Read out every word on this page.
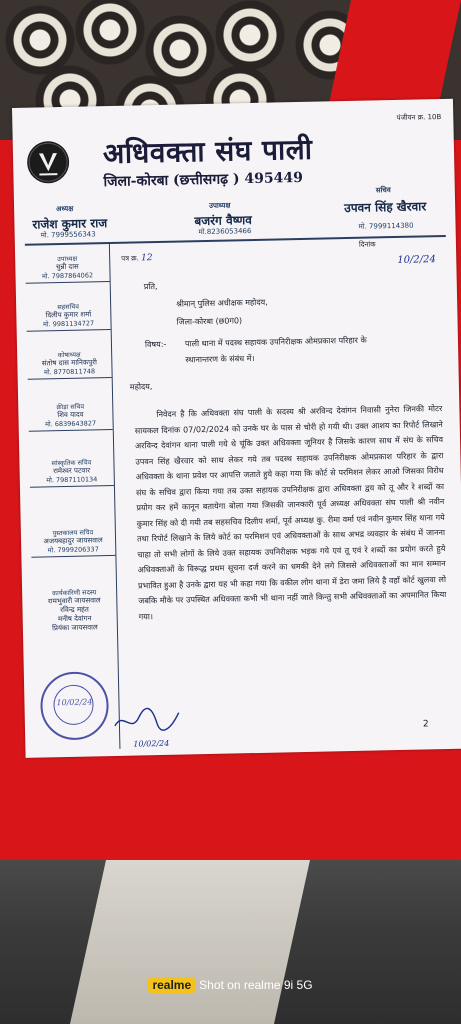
पंजीयन क्र. 10B
अधिवक्ता संघ पाली
जिला-कोरबा (छत्तीसगढ़ ) 495449
अध्यक्ष
राजेश कुमार राज
मो. 7999556343
उपाध्यक्ष
बजरंग वैष्णव
मो.8236053466
सचिव
उपवन सिंह खैरवार
मो. 7999114380
उपाध्यक्ष
चुन्नी दास
मो. 7987864062
सहसचिव
दिलीप कुमार शर्मा
मो. 9981134727
कोषाध्यक्ष
संतोष दास मानिकपुरी
मो. 8770811748
क्रीड़ा सचिव
शिव यादव
मो. 6839643827
सांस्कृतिक सचिव
रामेश्वर पटवार
मो. 7987110134
पुस्तकालय सचिव
अजयबहादुर जायसवाल
मो. 7999206337
कार्यकारिणी सदस्य
रामभुवारी जायसवाल
रविन्द्र महंत
मनीष देवांगन
प्रियंका जायसवाल
10/02/24
पत्र क्र. 12
दिनांक
10/2/24
प्रति,
श्रीमान् पुलिस अधीक्षक महोदय,
जिला-कोरबा (छ0ग0)
विषय:- पाली थाना में पदस्थ सहायक उपनिरीक्षक ओमप्रकाश परिहार के
स्थानान्तरण के संबंध में।
महोदय,
निवेदन है कि अधिवक्ता संघ पाली के सदस्य श्री अरविन्द देवांगन निवासी नुनेरा जिनकी मोटर सायकल दिनांक 07/02/2024 को उनके घर के पास से चोरी हो गयी थी। उक्त आशय का रिपोर्ट लिखाने अरविन्द देवांगन थाना पाली गये थे चूंकि उक्त अधिवक्ता जूनियर है जिसके कारण साथ में संघ के सचिव उपवन सिंह खैरवार को साथ लेकर गये तब पदस्थ सहायक उपनिरीक्षक ओमप्रकाश परिहार के द्वारा अधिवक्ता के थाना प्रवेश पर आपत्ति जताते हुये कहा गया कि कोर्ट से परमिशन लेकर आओ जिसका विरोध संघ के सचिव द्वारा किया गया तब उक्त सहायक उपनिरीक्षक द्वारा अधिवक्ता द्वय को तू और रे शब्दों का प्रयोग कर हमें कानून बतायेगा बोला गया जिसकी जानकारी पूर्व अध्यक्ष अधिवक्ता संघ पाली श्री नवीन कुमार सिंह को दी गयी तब सहसचिव दिलीप शर्मा, पूर्व अध्यक्ष कु. रीमा वर्मा एवं नवीन कुमार सिंह थाना गये तथा रिपोर्ट लिखाने के लिये कोर्ट का परमिशन एवं अधिवक्ताओं के साथ अभद्र व्यवहार के संबंध में जानना चाहा तो सभी लोगों के लिये उक्त सहायक उपनिरीक्षक भड़क गये एवं तू एवं रे शब्दों का प्रयोग करते हुये अधिवक्ताओं के विरूद्ध प्रथम सूचना दर्ज करने का धमकी देने लगे जिससे अधिवक्ताओं का मान सम्मान प्रभावित हुआ है उनके द्वारा यह भी कहा गया कि वकील लोग थाना में डेरा जमा लिये है वहाँ कोर्ट खुलवा लो जबकि मौके पर उपस्थित अधिवक्ता कभी भी थाना नहीं जाते किन्तु सभी अधिवक्ताओं का अपमानित किया गया।
2
10/02/24
realme Shot on realme 9i 5G
